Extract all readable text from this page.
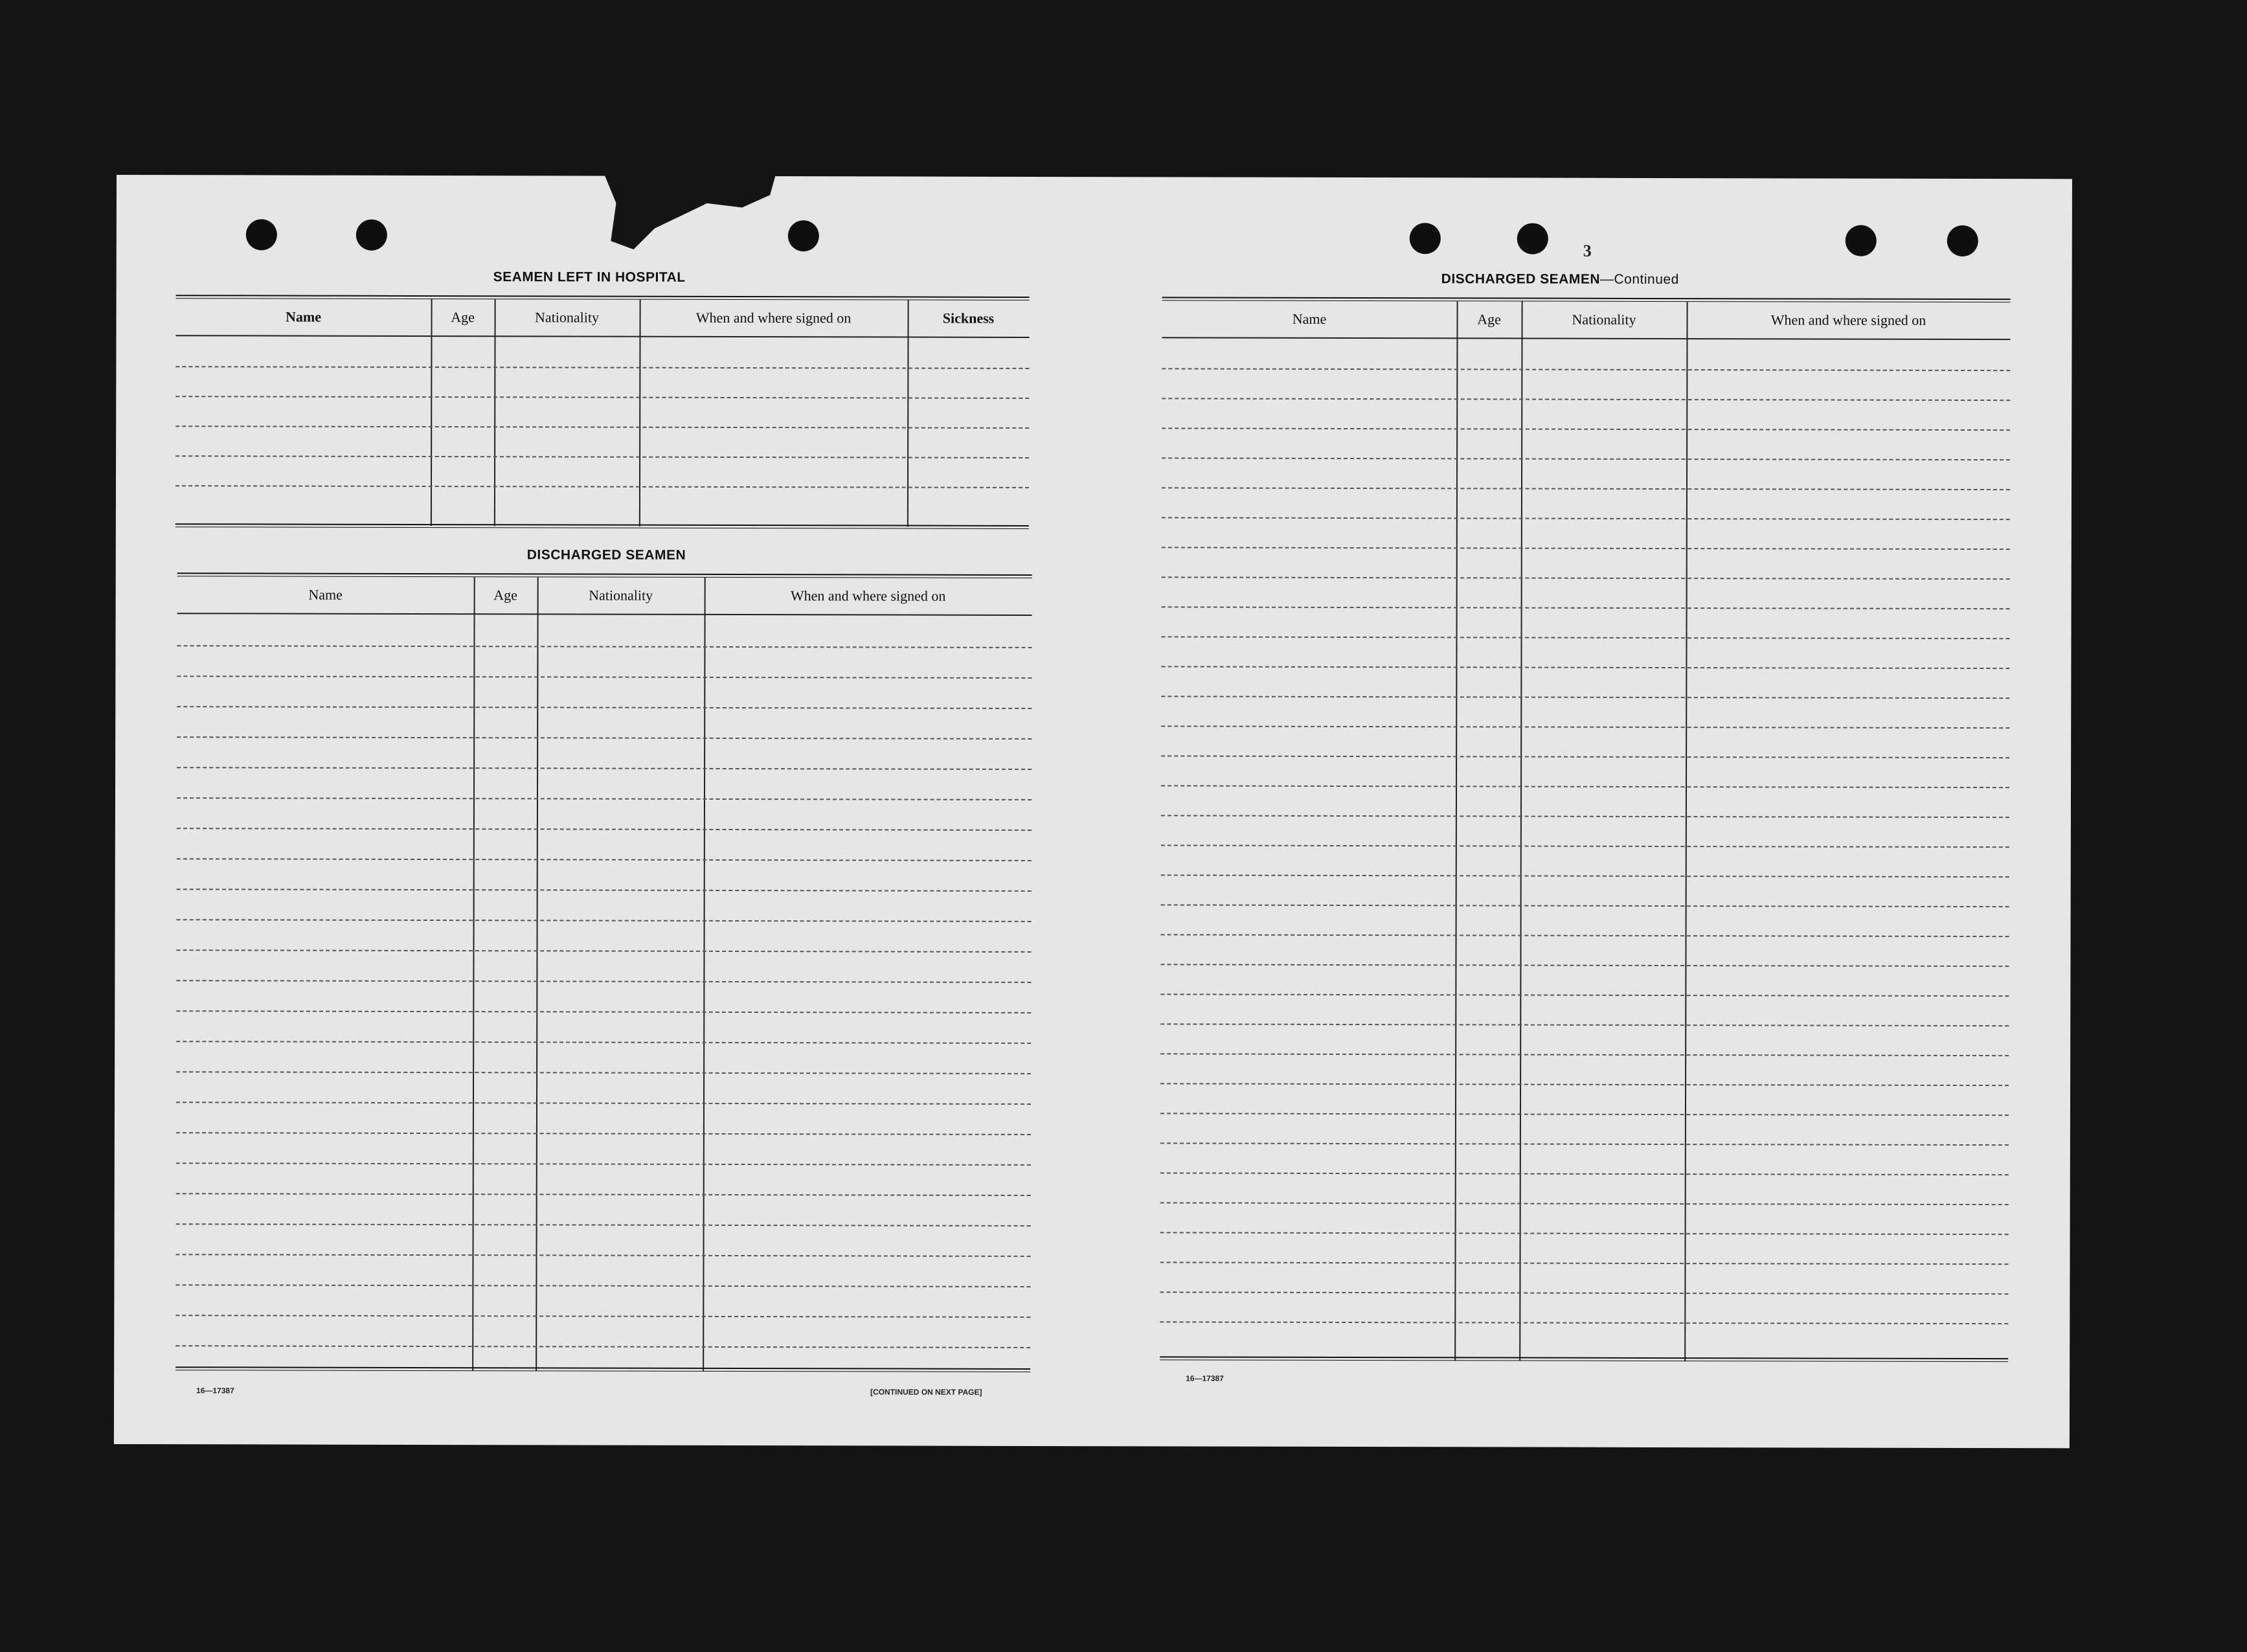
3
SEAMEN LEFT IN HOSPITAL
Name	Age	Nationality	When and where signed on	Sickness
DISCHARGED SEAMEN
Name	Age	Nationality	When and where signed on
16—17387	[CONTINUED ON NEXT PAGE]
DISCHARGED SEAMEN—Continued
Name	Age	Nationality	When and where signed on
16—17387
